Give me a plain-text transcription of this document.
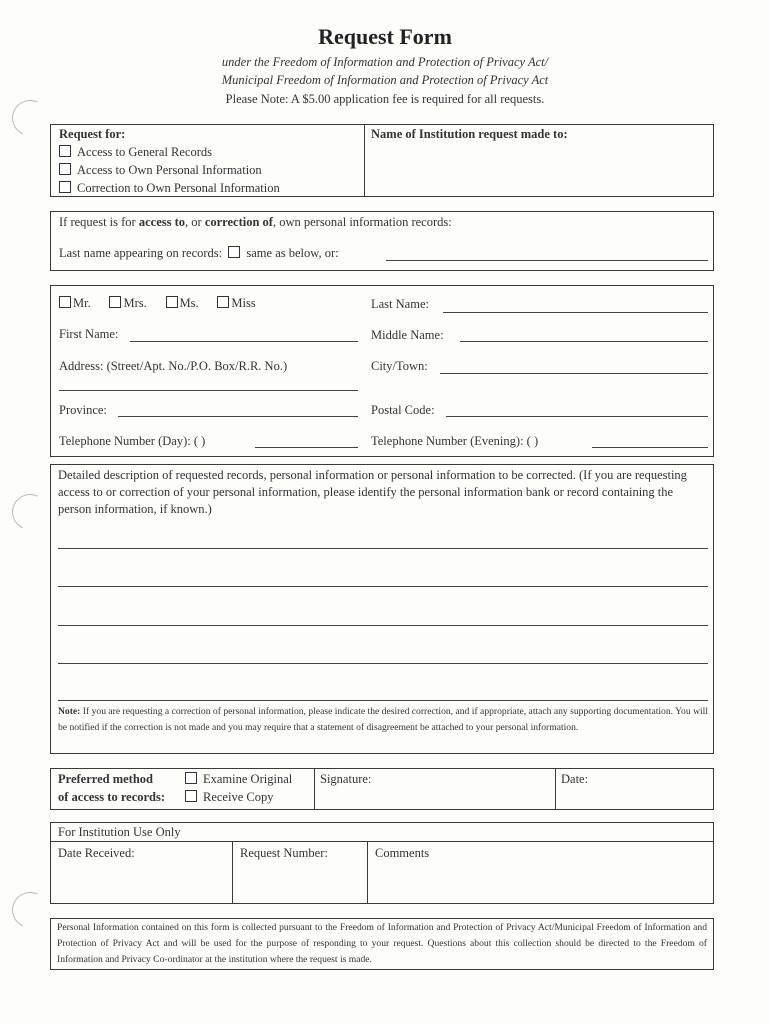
Request Form
under the Freedom of Information and Protection of Privacy Act/
Municipal Freedom of Information and Protection of Privacy Act
Please Note: A $5.00 application fee is required for all requests.
Request for:
Access to General Records
Access to Own Personal Information
Correction to Own Personal Information
Name of Institution request made to:
If request is for access to, or correction of, own personal information records:
Last name appearing on records: same as below, or:
Mr.	Mrs.	Ms.	Miss	Last Name:
First Name:	Middle Name:
Address: (Street/Apt. No./P.O. Box/R.R. No.)	City/Town:
Province:	Postal Code:
Telephone Number (Day): ( )	Telephone Number (Evening): ( )
Detailed description of requested records, personal information or personal information to be corrected. (If you are requesting access to or correction of your personal information, please identify the personal information bank or record containing the person information, if known.)
Note: If you are requesting a correction of personal information, please indicate the desired correction, and if appropriate, attach any supporting documentation. You will be notified if the correction is not made and you may require that a statement of disagreement be attached to your personal information.
Preferred method
of access to records:
Examine Original
Receive Copy
Signature:	Date:
For Institution Use Only
Date Received:	Request Number:	Comments
Personal Information contained on this form is collected pursuant to the Freedom of Information and Protection of Privacy Act/Municipal Freedom of Information and Protection of Privacy Act and will be used for the purpose of responding to your request. Questions about this collection should be directed to the Freedom of Information and Privacy Co-ordinator at the institution where the request is made.
